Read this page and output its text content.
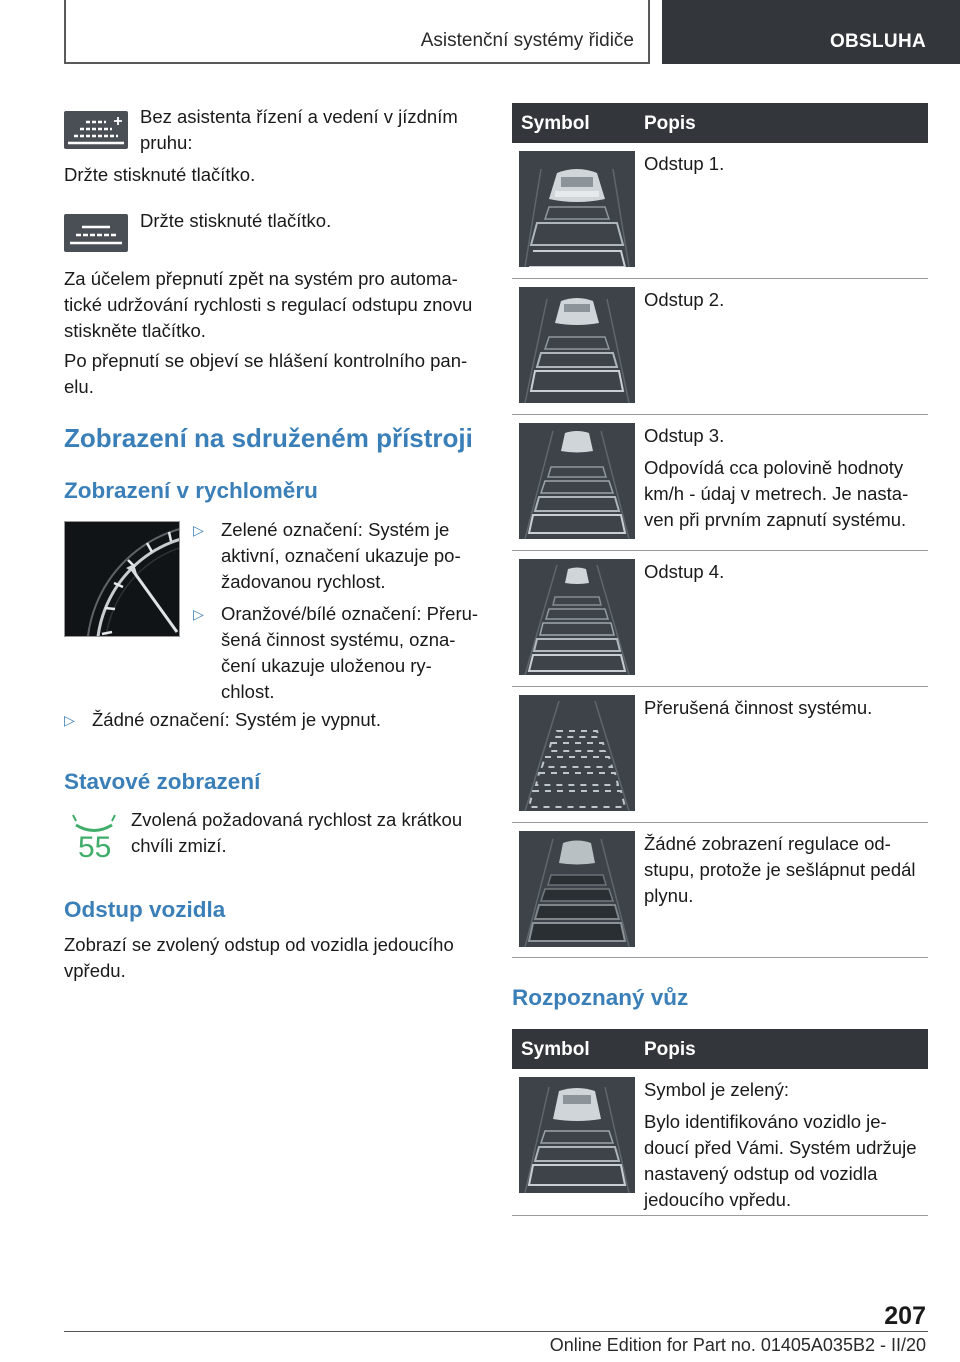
Asistenční systémy řidiče	OBSLUHA
Bez asistenta řízení a vedení v jízdním pruhu:
Držte stisknuté tlačítko.
Držte stisknuté tlačítko.
Za účelem přepnutí zpět na systém pro automatické udržování rychlosti s regulací odstupu znovu stiskněte tlačítko.
Po přepnutí se objeví se hlášení kontrolního panelu.
Zobrazení na sdruženém přístroji
Zobrazení v rychloměru
▷ Zelené označení: Systém je aktivní, označení ukazuje požadovanou rychlost.
▷ Oranžové/bílé označení: Přerušená činnost systému, označení ukazuje uloženou rychlost.
▷ Žádné označení: Systém je vypnut.
Stavové zobrazení
55
Zvolená požadovaná rychlost za krátkou chvíli zmizí.
Odstup vozidla
Zobrazí se zvolený odstup od vozidla jedoucího vpředu.
Symbol	Popis
Odstup 1.
Odstup 2.
Odstup 3.
Odpovídá cca polovině hodnoty km/h - údaj v metrech. Je nastaven při prvním zapnutí systému.
Odstup 4.
Přerušená činnost systému.
Žádné zobrazení regulace odstupu, protože je sešlápnut pedál plynu.
Rozpoznaný vůz
Symbol	Popis
Symbol je zelený:
Bylo identifikováno vozidlo jedoucí před Vámi. Systém udržuje nastavený odstup od vozidla jedoucího vpředu.
207
Online Edition for Part no. 01405A035B2 - II/20
